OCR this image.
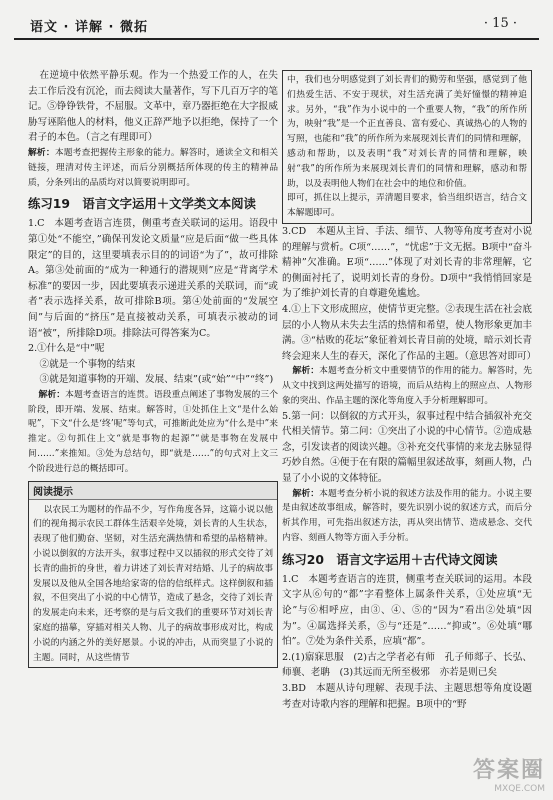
语文 · 详解 · 微拓	· 15 ·

在逆境中依然平静乐观。作为一个热爱工作的人，在失去工作后没有沉沦，而去阅读大量著作，写下几百万字的笔记。⑤铮铮铁骨，不屈服。文革中，章乃器拒绝在大字报威胁写诬陷他人的材料，他义正辞严地予以拒绝，保持了一个君子的本色。（言之有理即可）

解析：本题考查把握传主形象的能力。解答时，通读全文和相关链接，理清对传主评述，而后分别概括所体现的传主的精神品质，分条列出的品质均对以简要说明即可。

练习19　语言文字运用＋文学类文本阅读

1.C　本题考查语言连贯，侧重考查关联词的运用。语段中第①处“不能空，”确保刊发论文质量“应是后面“做一些具体限定”的目的，这里要填表示目的的词语“为了”，故可排除A。第③处前面的“成为一种通行的潜规则”应是“背离学术标准”的要因一步，因此要填表示递进关系的关联词，而“或者”表示选择关系，故可排除B项。第④处前面的“发展空间”与后面的“挤压”是直接被动关系，可填表示被动的词语“被”，所排除D项。排除法可得答案为C。

2.①什么是“中”呢

②就是一个事物的结束

③就是知道事物的开端、发展、结束”(或“始”“中”“终”)

解析：本题考查语言的连贯。语段重点阐述了事物发展的三个阶段，即开端、发展、结束。解答时，①处抓住上文“是什么始呢”，下文“什么是‘终’呢”等句式，可推断此处应为“什么是中”来推定。②句抓住上文“就是事物的起源”“就是事物在发展中间……”来推知。③处为总结句，即“就是……”的句式对上文三个阶段进行总的概括即可。

阅读提示

以农民工为题材的作品不少，写作角度各异，这篇小说以他们的视角揭示农民工群体生活艰辛处境，刘长青的人生状态，表现了他们勤奋、坚韧，对生活充满热情和希望的品格精神。小说以倒叙的方法开头，叙事过程中又以插叙的形式交待了刘长青的曲折的身世，着力讲述了刘长青对结婚、儿子的病故事发展以及他从全国各地给家寄的信的信纸样式。这样倒叙和插叙，不但突出了小说的中心情节，造成了悬念，交待了刘长青的发展走向未来，还考察的是与后文我们的重要环节对刘长青家庭的描摹，穿插对相关人物、儿子的病故事形成对比，构成小说的内涵之外的美好愿景。小说的冲击，从而突显了小说的主题。同时，从这些情节

中，我们也分明感觉到了刘长青们的勤劳和坚强，感觉到了他们热爱生活、不安于现状，对生活充满了美好憧憬的精神追求。另外，“我”作为小说中的一个重要人物，“我”的所作所为，映射“我”是一个正直善良、富有爱心、真诚热心的人物的写照，也能和“我”的所作所为来展现刘长青们的同情和理解，感动和帮助，以及表明“我”对刘长青的同情和理解，映射“我”的所作所为来展现刘长青们的同情和理解，感动和帮助，以及表明他人物们在社会中的地位和价值。

即可，抓住以上提示，弄清题目要求，恰当组织语言，结合文本解题即可。

3.CD　本题从主旨、手法、细节、人物等角度考查对小说的理解与赏析。C项“……”，“忧虑”于文无据。B项中“奋斗精神”欠准确。E项“……”体现了对刘长青的非常理解，它的侧面衬托了，说明刘长青的身份。D项中“我悄悄回家是为了维护刘长青的自尊避免尴尬。

4.①上下文形成照应，使情节更完整。②表现生活在社会底层的小人物从未失去生活的热情和希望，使人物形象更加丰满。③“枯败的花坛”象征着刘长青目前的处境，暗示刘长青终会迎来人生的春天，深化了作品的主题。（意思答对即可）

解析：本题考查分析文中重要情节的作用的能力。解答时，先从文中找到这两处描写的语境，而后从结构上的照应点、人物形象的突出、作品主题的深化等角度入手分析理解即可。

5.第一问：以倒叙的方式开头，叙事过程中结合插叙补充交代相关情节。第二问：①突出了小说的中心情节。②造成悬念，引发读者的阅读兴趣。③补充交代事情的来龙去脉显得巧妙自然。④便于在有限的篇幅里叙述故事，刻画人物，凸显了小小说的文体特征。

解析：本题考查分析小说的叙述方法及作用的能力。小说主要是由叙述故事组成，解答时，要先识别小说的叙述方式，而后分析其作用，可先指出叙述方法，再从突出情节、造成悬念、交代内容、刻画人物等方面入手分析。

练习20　语言文字运用＋古代诗文阅读

1.C　本题考查语言的连贯，侧重考查关联词的运用。本段文字从⑥句的“都”字看整体上属条件关系，①处应填“无论”与⑥相呼应，由③、④、⑤的“因为”看出②处填“因为”。④属选择关系，⑤与“还是”……“抑或”。⑥处填“哪怕”。⑦处为条件关系，应填“都”。

2.(1)寤寐思服　(2)古之学者必有师　孔子师郯子、长弘、师襄、老聃　(3)其远而无所至极邪　亦若是则已矣

3.BD　本题从诗句理解、表现手法、主题思想等角度设题考查对诗歌内容的理解和把握。B项中的“野

答案圈
MXQE.COM
